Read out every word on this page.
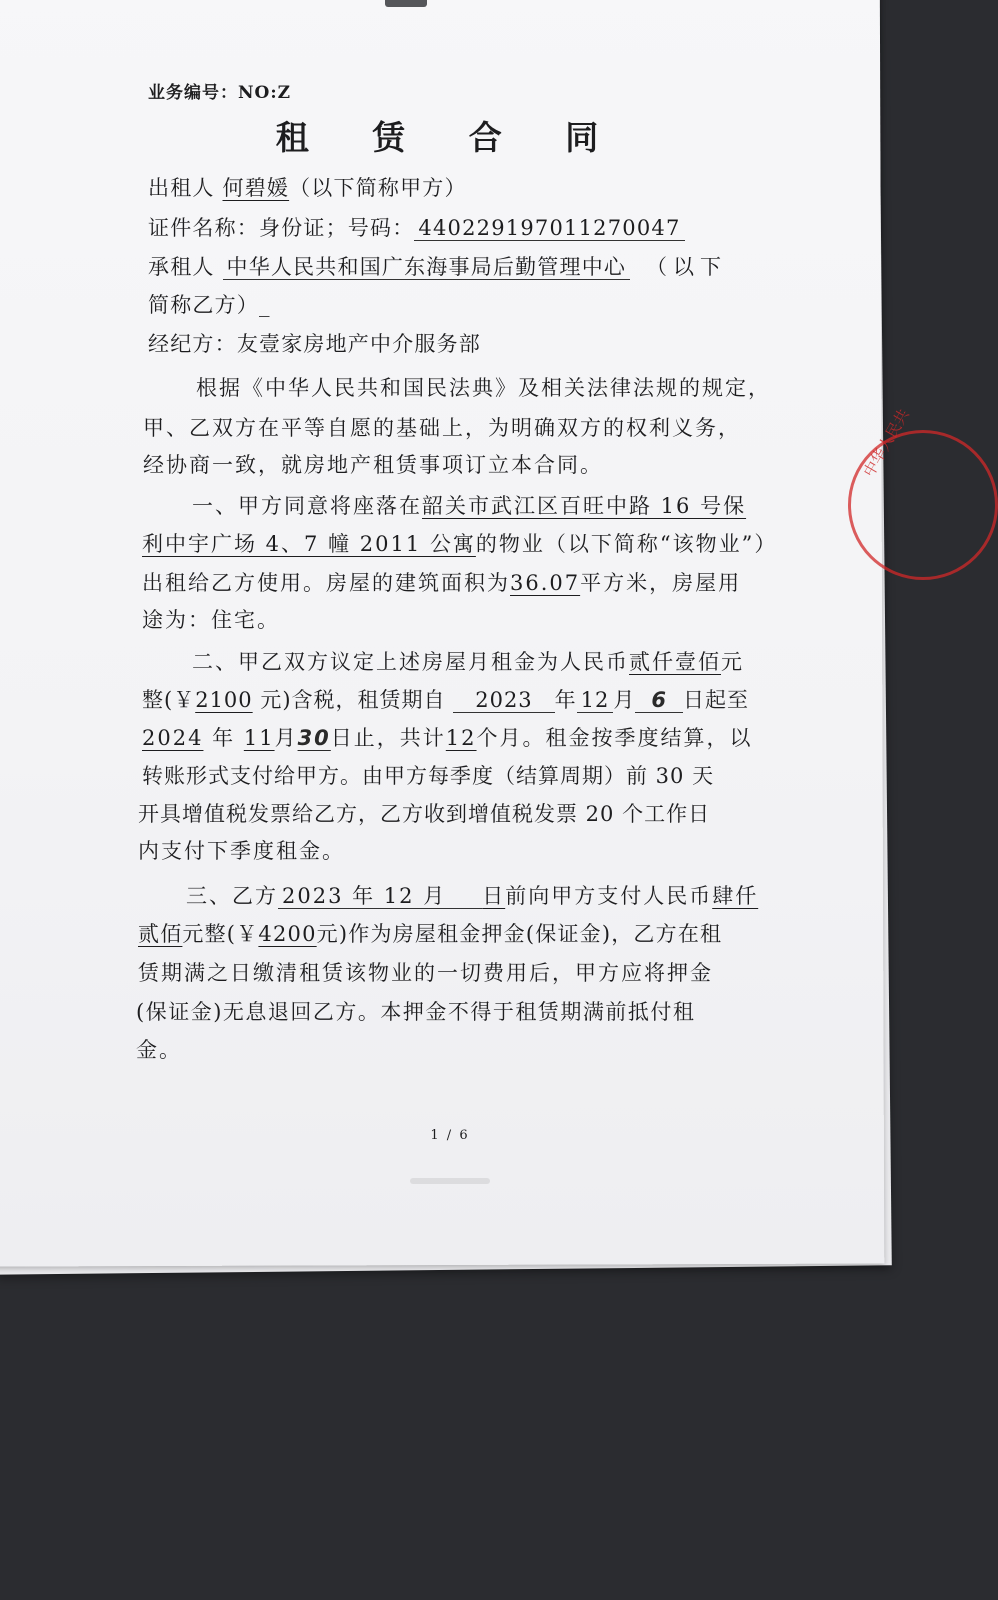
业务编号：NO:Z
租 赁 合 同
出租人 何碧媛（以下简称甲方）
证件名称：身份证；号码： 440229197011270047
承租人 中华人民共和国广东海事局后勤管理中心 （以下
简称乙方）_
经纪方：友壹家房地产中介服务部
根据《中华人民共和国民法典》及相关法律法规的规定，
甲、乙双方在平等自愿的基础上，为明确双方的权利义务，
经协商一致，就房地产租赁事项订立本合同。
一、甲方同意将座落在韶关市武江区百旺中路 16 号保
利中宇广场 4、7 幢 2011 公寓的物业（以下简称“该物业”）
出租给乙方使用。房屋的建筑面积为36.07平方米，房屋用
途为：住宅。
二、甲乙双方议定上述房屋月租金为人民币贰仟壹佰元
整(￥2100 元)含税，租赁期自 2023 年 12 月 6 日起至
2024 年 11月30日止，共计12个月。租金按季度结算，以
转账形式支付给甲方。由甲方每季度（结算周期）前 30 天
开具增值税发票给乙方，乙方收到增值税发票 20 个工作日
内支付下季度租金。
三、乙方 2023 年 12 月 日前向甲方支付人民币肆仟
贰佰元整(￥4200元)作为房屋租金押金(保证金)，乙方在租
赁期满之日缴清租赁该物业的一切费用后，甲方应将押金
(保证金)无息退回乙方。本押金不得于租赁期满前抵付租
金。
1 / 6
中华人民共
